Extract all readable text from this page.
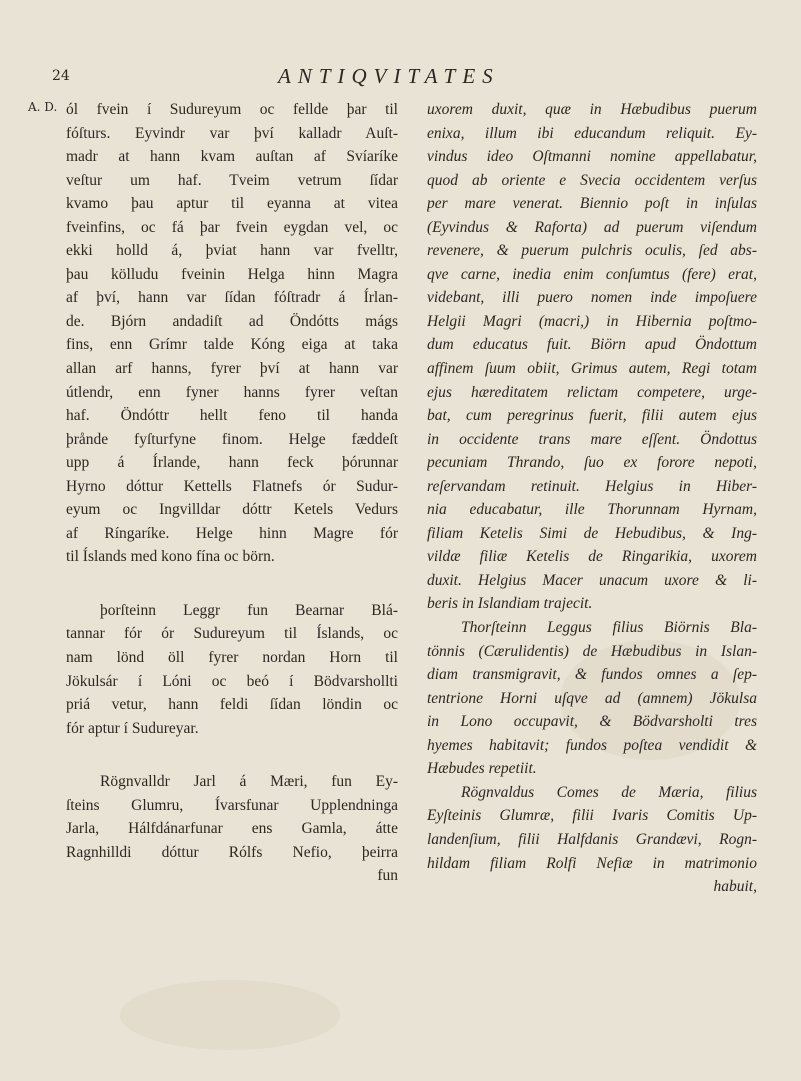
24	ANTIQVITATES
A. D. ól fvein í Sudureyum oc fellde þar til
fóſturs. Eyvindr var því kalladr Auſt-
madr at hann kvam auſtan af Svíaríke
veſtur um haf. Tveim vetrum ſídar
kvamo þau aptur til eyanna at vitea
fveinfins, oc fá þar fvein eygdan vel, oc
ekki holld á, þviat hann var fvelltr,
þau kölludu fveinin Helga hinn Magra
af því, hann var ſídan fóſtradr á Írlan-
de. Bjórn andadiſt ad Öndótts mágs
fins, enn Grímr talde Kóng eiga at taka
allan arf hanns, fyrer því at hann var
útlendr, enn fyner hanns fyrer veſtan
haf. Öndóttr hellt feno til handa
þrånde fyſturfyne finom. Helge fæddeſt
upp á Írlande, hann feck þórunnar
Hyrno dóttur Kettells Flatnefs ór Sudur-
eyum oc Ingvilldar dóttr Ketels Vedurs
af Ríngaríke. Helge hinn Magre fór
til Íslands med kono fína oc börn.
þorſteinn Leggr fun Bearnar Blá-
tannar fór ór Sudureyum til Íslands, oc
nam lönd öll fyrer nordan Horn til
Jökulsár í Lóni oc beó í Bödvarshollti
priá vetur, hann feldi ſídan löndin oc
fór aptur í Sudureyar.
Rögnvalldr Jarl á Mæri, fun Ey-
ſteins Glumru, Ívarsfunar Upplendninga
Jarla, Hálfdánarfunar ens Gamla, átte
Ragnhilldi dóttur Rólfs Nefio, þeirra
fun
uxorem duxit, quæ in Hæbudibus puerum
enixa, illum ibi educandum reliquit. Ey-
vindus ideo Oſtmanni nomine appellabatur,
quod ab oriente e Svecia occidentem verſus
per mare venerat. Biennio poſt in inſulas
(Eyvindus & Raforta) ad puerum viſendum
revenere, & puerum pulchris oculis, ſed abs-
qve carne, inedia enim conſumtus (fere) erat,
videbant, illi puero nomen inde impoſuere
Helgii Magri (macri,) in Hibernia poſtmo-
dum educatus fuit. Biörn apud Öndottum
affinem ſuum obiit, Grimus autem, Regi totam
ejus hæreditatem relictam competere, urge-
bat, cum peregrinus fuerit, filii autem ejus
in occidente trans mare eſſent. Öndottus
pecuniam Thrando, ſuo ex forore nepoti,
reſervandam retinuit. Helgius in Hiber-
nia educabatur, ille Thorunnam Hyrnam,
filiam Ketelis Simi de Hebudibus, & Ing-
vildæ filiæ Ketelis de Ringarikia, uxorem
duxit. Helgius Macer unacum uxore & li-
beris in Islandiam trajecit.
Thorſteinn Leggus filius Biörnis Bla-
tönnis (Cærulidentis) de Hæbudibus in Islan-
diam transmigravit, & fundos omnes a ſep-
tentrione Horni uſqve ad (amnem) Jökulsa
in Lono occupavit, & Bödvarsholti tres
hyemes habitavit; fundos poſtea vendidit &
Hæbudes repetiit.
Rögnvaldus Comes de Mæria, filius
Eyſteinis Glumræ, filii Ivaris Comitis Up-
landenſium, filii Halfdanis Grandævi, Rogn-
hildam filiam Rolfi Nefiæ in matrimonio
habuit,
